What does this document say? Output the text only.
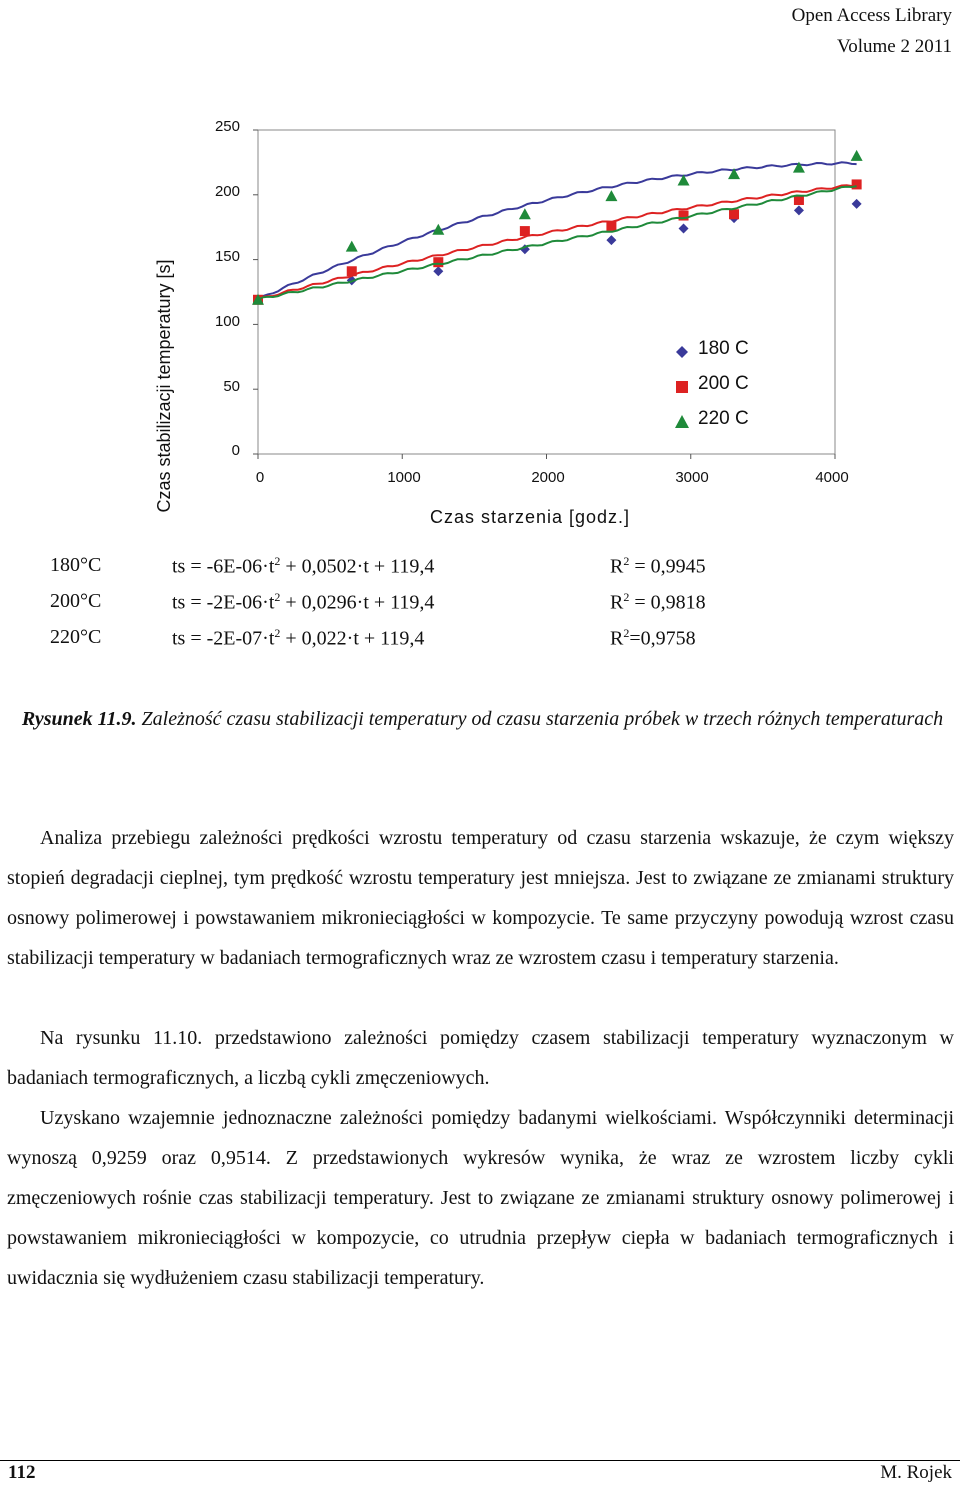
Open Access Library
Volume 2 2011
Czas stabilizacji temperatury [s]
250
200
150
100
50
0
0	1000	2000	3000	4000
Czas starzenia [godz.]
180 C
200 C
220 C
180°C	ts = $-6E-06\cdot t^2 + 0,0502\cdot t + 119,4$	$R^2 = 0,9945$
200°C	ts = $-2E-06\cdot t^2 + 0,0296\cdot t + 119,4$	$R^2 = 0,9818$
220°C	ts = $-2E-07\cdot t^2 + 0,022\cdot t + 119,4$	$R^2=0,9758$
Rysunek 11.9. Zależność czasu stabilizacji temperatury od czasu starzenia próbek w trzech różnych temperaturach
Analiza przebiegu zależności prędkości wzrostu temperatury od czasu starzenia wskazuje, że czym większy stopień degradacji cieplnej, tym prędkość wzrostu temperatury jest mniejsza. Jest to związane ze zmianami struktury osnowy polimerowej i powstawaniem mikronieciągłości w kompozycie. Te same przyczyny powodują wzrost czasu stabilizacji temperatury w badaniach termograficznych wraz ze wzrostem czasu i temperatury starzenia.
Na rysunku 11.10. przedstawiono zależności pomiędzy czasem stabilizacji temperatury wyznaczonym w badaniach termograficznych, a liczbą cykli zmęczeniowych.
Uzyskano wzajemnie jednoznaczne zależności pomiędzy badanymi wielkościami. Współczynniki determinacji wynoszą 0,9259 oraz 0,9514. Z przedstawionych wykresów wynika, że wraz ze wzrostem liczby cykli zmęczeniowych rośnie czas stabilizacji temperatury. Jest to związane ze zmianami struktury osnowy polimerowej i powstawaniem mikronieciągłości w kompozycie, co utrudnia przepływ ciepła w badaniach termograficznych i uwidacznia się wydłużeniem czasu stabilizacji temperatury.
112	M. Rojek
